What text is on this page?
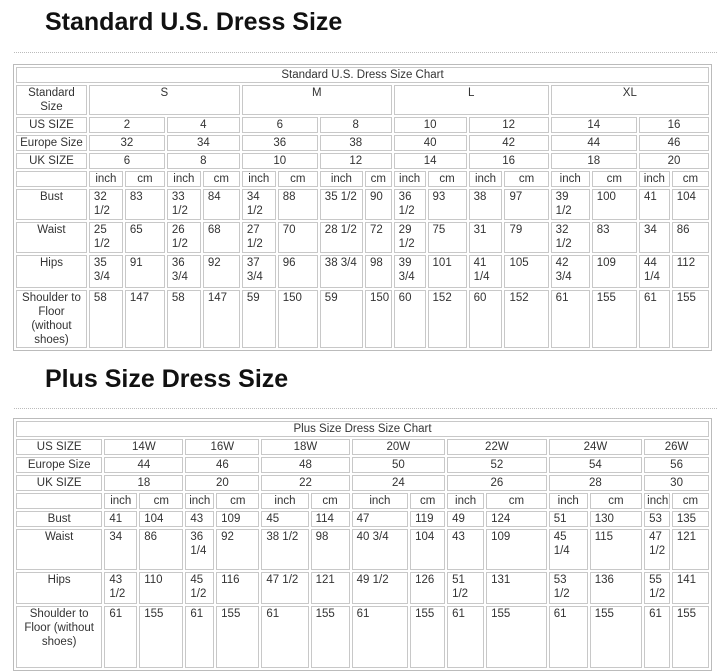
Standard U.S. Dress Size
Standard U.S. Dress Size Chart																
Standard Size	S				M				L				XL			
US SIZE	2		4		6		8		10		12		14		16	
Europe Size	32		34		36		38		40		42		44		46	
UK SIZE	6		8		10		12		14		16		18		20	
	inch	cm	inch	cm	inch	cm	inch	cm	inch	cm	inch	cm	inch	cm	inch	cm
Bust	32 1/2	83	33 1/2	84	34 1/2	88	35 1/2	90	36 1/2	93	38	97	39 1/2	100	41	104
Waist	25 1/2	65	26 1/2	68	27 1/2	70	28 1/2	72	29 1/2	75	31	79	32 1/2	83	34	86
Hips	35 3/4	91	36 3/4	92	37 3/4	96	38 3/4	98	39 3/4	101	41 1/4	105	42 3/4	109	44 1/4	112
Shoulder to Floor (without shoes)	58	147	58	147	59	150	59	150	60	152	60	152	61	155	61	155
Plus Size Dress Size
Plus Size Dress Size Chart														
US SIZE	14W		16W		18W		20W		22W		24W		26W	
Europe Size	44		46		48		50		52		54		56	
UK SIZE	18		20		22		24		26		28		30	
	inch	cm	inch	cm	inch	cm	inch	cm	inch	cm	inch	cm	inch	cm
Bust	41	104	43	109	45	114	47	119	49	124	51	130	53	135
Waist	34	86	36 1/4	92	38 1/2	98	40 3/4	104	43	109	45 1/4	115	47 1/2	121
Hips	43 1/2	110	45 1/2	116	47 1/2	121	49 1/2	126	51 1/2	131	53 1/2	136	55 1/2	141
Shoulder to Floor (without shoes)	61	155	61	155	61	155	61	155	61	155	61	155	61	155
